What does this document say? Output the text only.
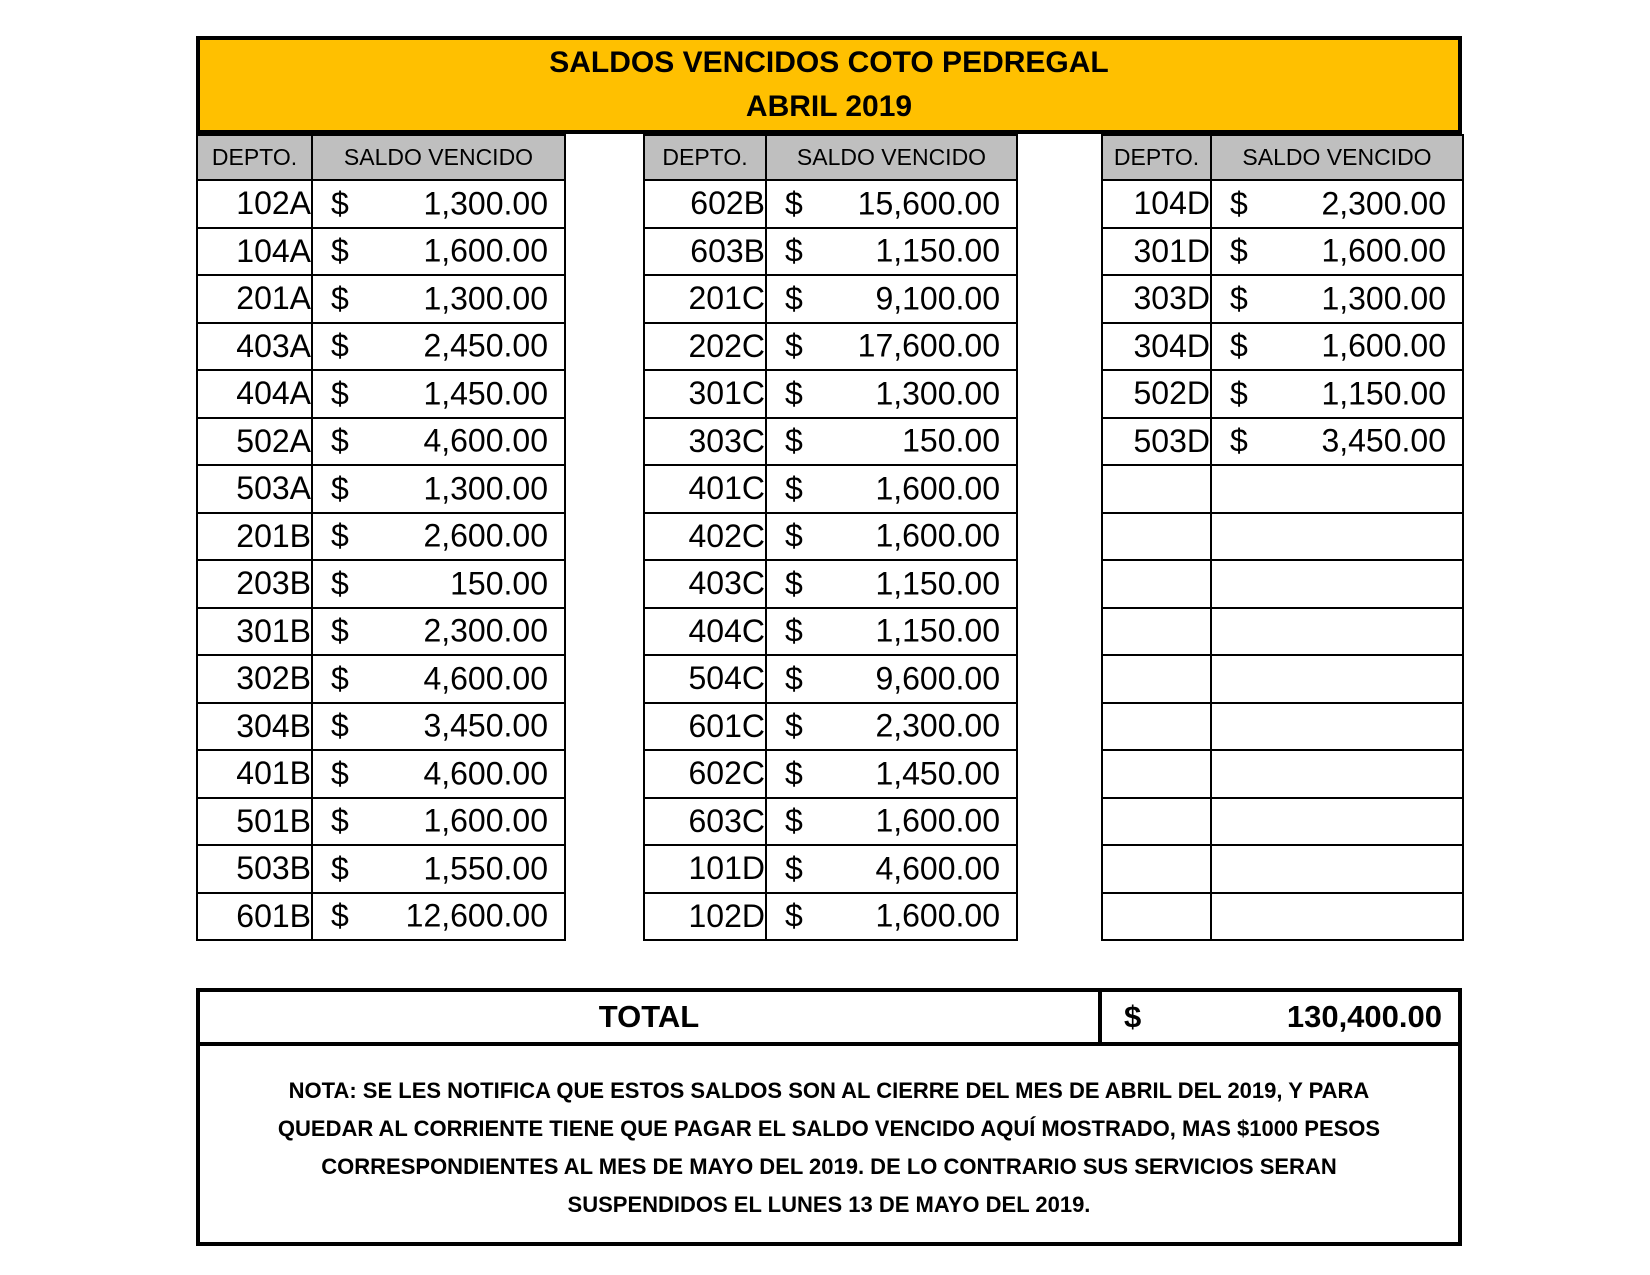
SALDOS VENCIDOS COTO PEDREGAL
ABRIL 2019
DEPTO.	SALDO VENCIDO
102A	$ 1,300.00

104A	$ 1,600.00

201A	$ 1,300.00

403A	$ 2,450.00

404A	$ 1,450.00

502A	$ 4,600.00

503A	$ 1,300.00

201B	$ 2,600.00

203B	$ 150.00

301B	$ 2,300.00

302B	$ 4,600.00

304B	$ 3,450.00

401B	$ 4,600.00

501B	$ 1,600.00

503B	$ 1,550.00

601B	$ 12,600.00
DEPTO.	SALDO VENCIDO
602B	$ 15,600.00

603B	$ 1,150.00

201C	$ 9,100.00

202C	$ 17,600.00

301C	$ 1,300.00

303C	$ 150.00

401C	$ 1,600.00

402C	$ 1,600.00

403C	$ 1,150.00

404C	$ 1,150.00

504C	$ 9,600.00

601C	$ 2,300.00

602C	$ 1,450.00

603C	$ 1,600.00

101D	$ 4,600.00

102D	$ 1,600.00
DEPTO.	SALDO VENCIDO
104D	$ 2,300.00

301D	$ 1,600.00

303D	$ 1,300.00

304D	$ 1,600.00

502D	$ 1,150.00

503D	$ 3,450.00

TOTAL	$	130,400.00
NOTA: SE LES NOTIFICA QUE ESTOS SALDOS SON AL CIERRE DEL MES DE ABRIL DEL 2019, Y PARA QUEDAR AL CORRIENTE TIENE QUE PAGAR EL SALDO VENCIDO AQUÍ MOSTRADO, MAS $1000 PESOS CORRESPONDIENTES AL MES DE MAYO DEL 2019. DE LO CONTRARIO SUS SERVICIOS SERAN SUSPENDIDOS EL LUNES 13 DE MAYO DEL 2019.
